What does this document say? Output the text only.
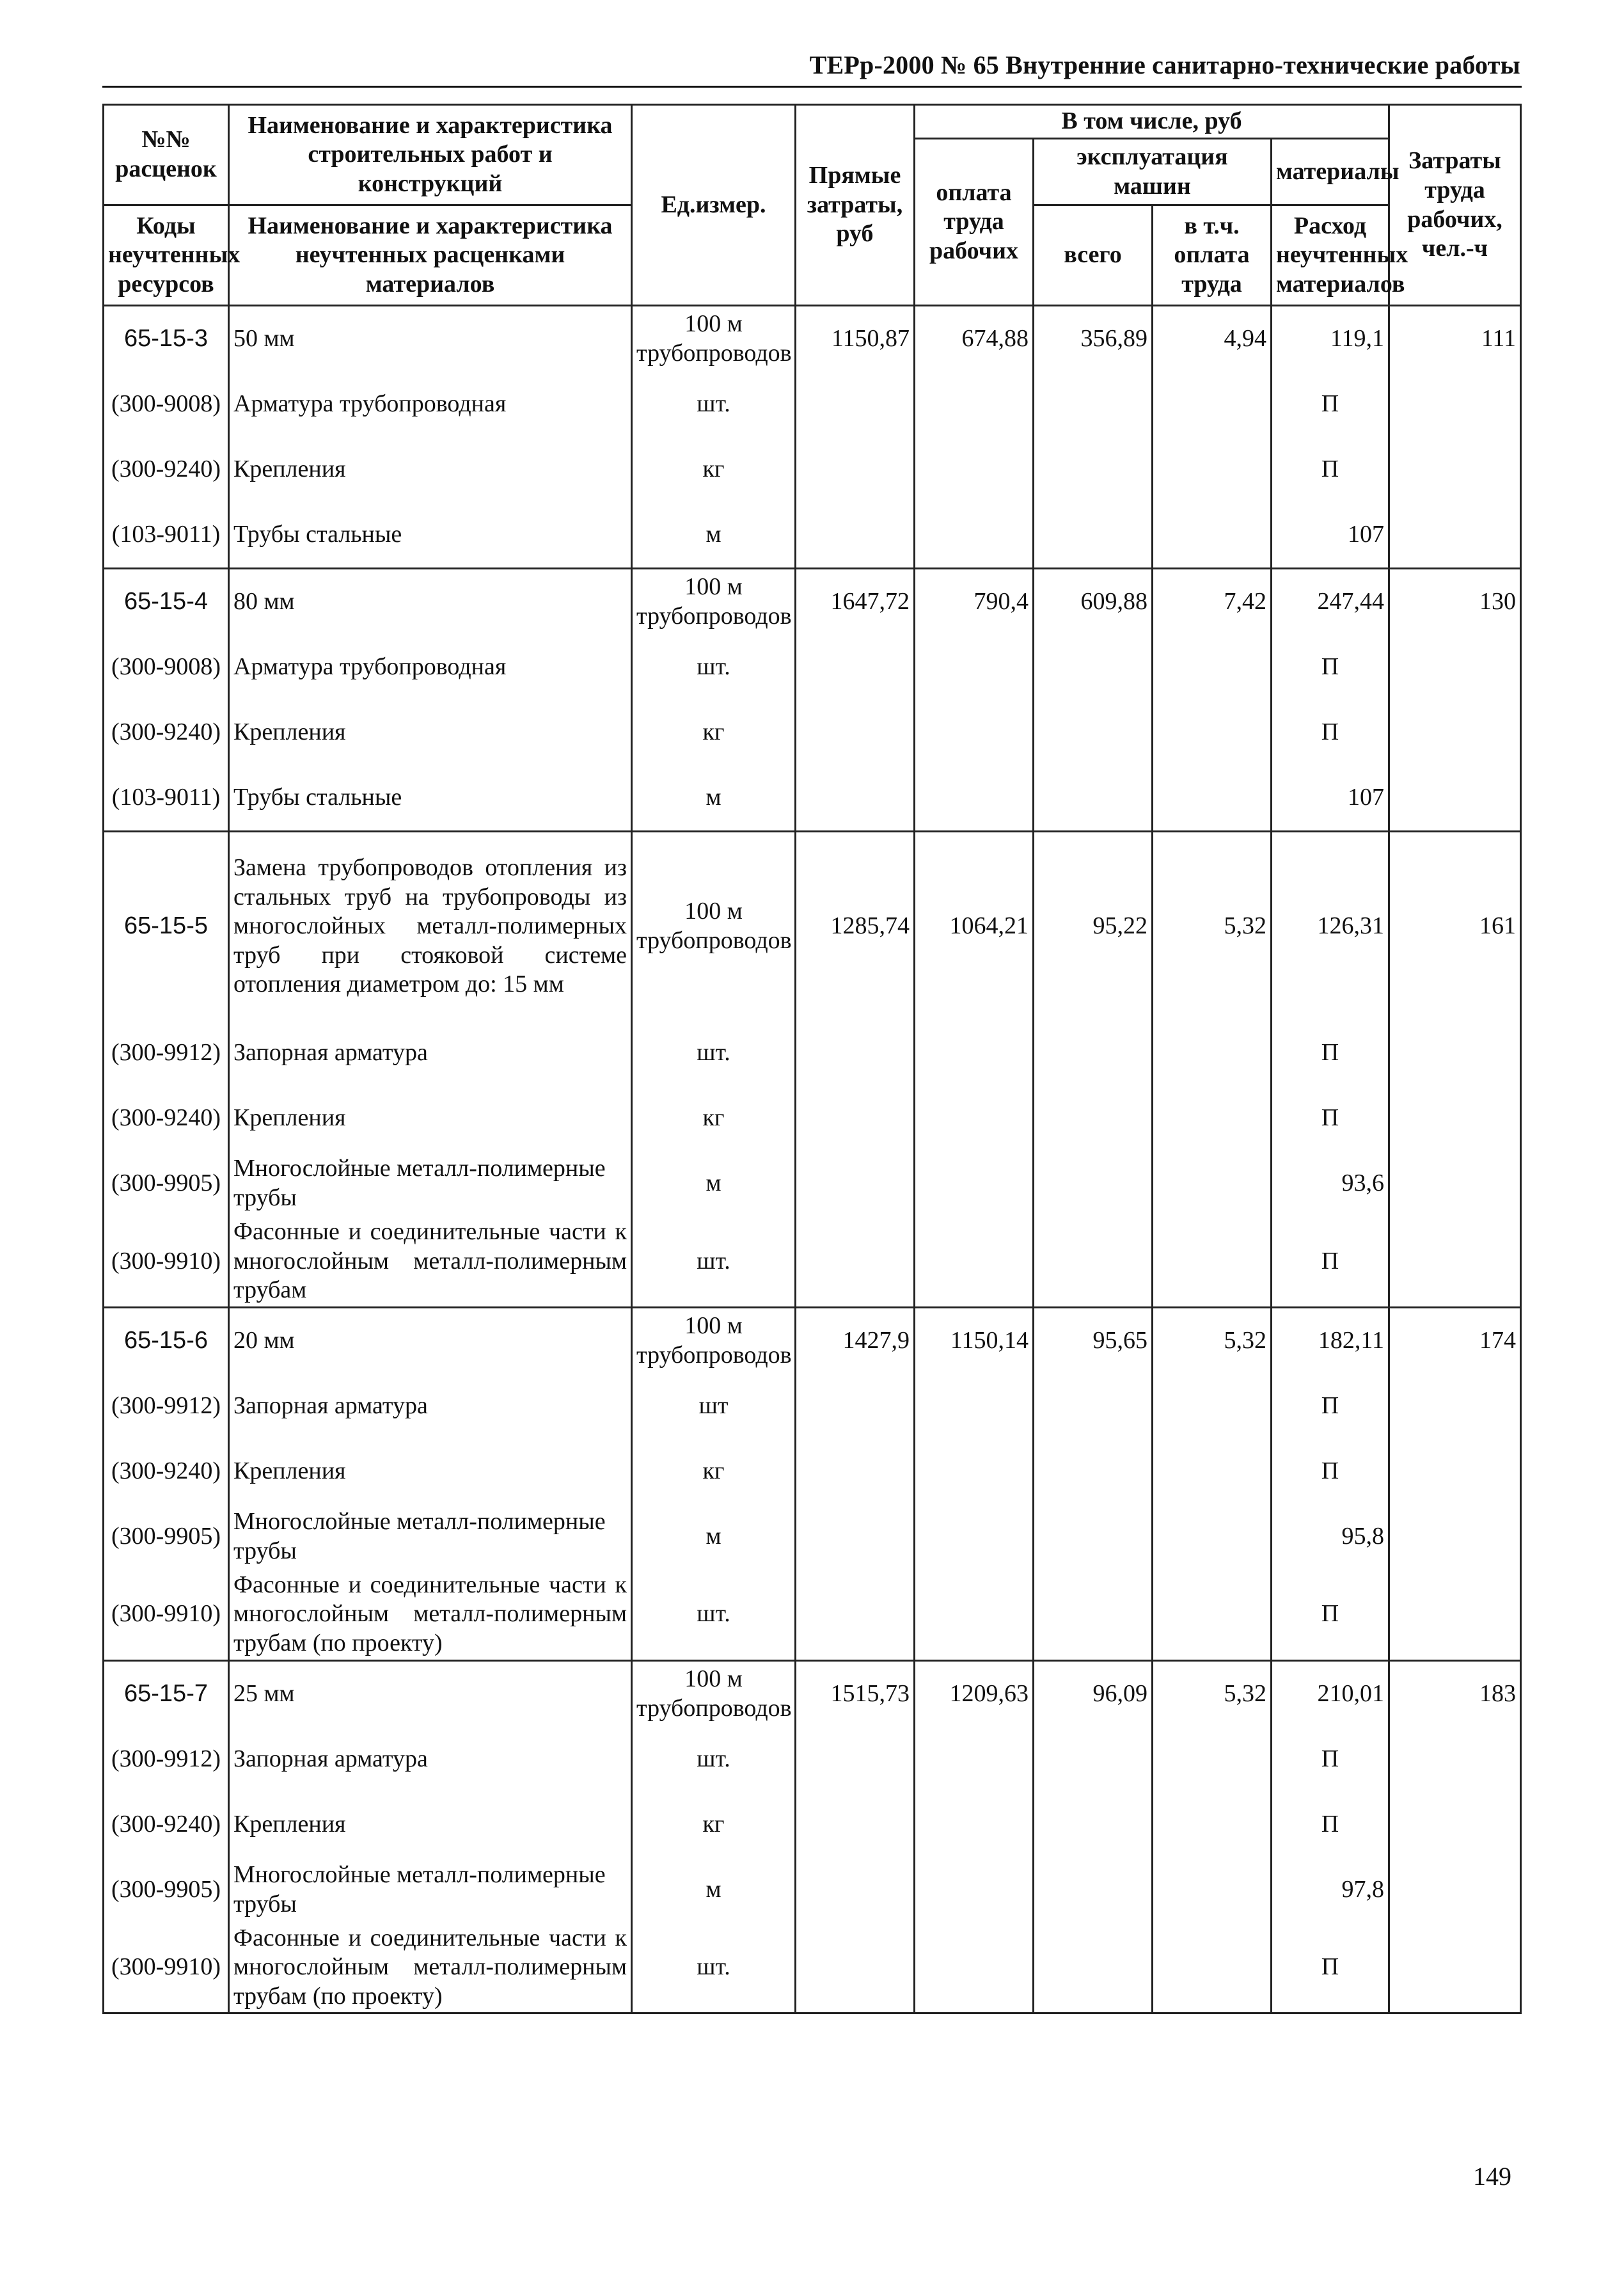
ТЕРр-2000 № 65 Внутренние санитарно-технические работы
№№ расценок	Наименование и характеристика строительных работ и конструкций	Ед.измер.	Прямые затраты, руб	В том числе, руб				Затраты труда рабочих, чел.-ч
				оплата труда рабочих	эксплуатация машин		материалы	
Коды неучтенных ресурсов	Наименование и характеристика неучтенных расценками материалов				всего	в т.ч. оплата труда	Расход неучтенных материалов	

65-15-3	50 мм	100 м трубопроводов	1150,87	674,88	356,89	4,94	119,1	111
(300-9008)	Арматура трубопроводная	шт.					П	
(300-9240)	Крепления	кг					П	
(103-9011)	Трубы стальные	м					107	
65-15-4	80 мм	100 м трубопроводов	1647,72	790,4	609,88	7,42	247,44	130
(300-9008)	Арматура трубопроводная	шт.					П	
(300-9240)	Крепления	кг					П	
(103-9011)	Трубы стальные	м					107	
65-15-5	Замена трубопроводов отопления из стальных труб на трубопроводы из многослойных металл-полимерных труб при стояковой системе отопления диаметром до: 15 мм	100 м трубопроводов	1285,74	1064,21	95,22	5,32	126,31	161
(300-9912)	Запорная арматура	шт.					П	
(300-9240)	Крепления	кг					П	
(300-9905)	Многослойные металл-полимерные трубы	м					93,6	
(300-9910)	Фасонные и соединительные части к многослойным металл-полимерным трубам	шт.					П	
65-15-6	20 мм	100 м трубопроводов	1427,9	1150,14	95,65	5,32	182,11	174
(300-9912)	Запорная арматура	шт					П	
(300-9240)	Крепления	кг					П	
(300-9905)	Многослойные металл-полимерные трубы	м					95,8	
(300-9910)	Фасонные и соединительные части к многослойным металл-полимерным трубам (по проекту)	шт.					П	
65-15-7	25 мм	100 м трубопроводов	1515,73	1209,63	96,09	5,32	210,01	183
(300-9912)	Запорная арматура	шт.					П	
(300-9240)	Крепления	кг					П	
(300-9905)	Многослойные металл-полимерные трубы	м					97,8	
(300-9910)	Фасонные и соединительные части к многослойным металл-полимерным трубам (по проекту)	шт.					П	
149
